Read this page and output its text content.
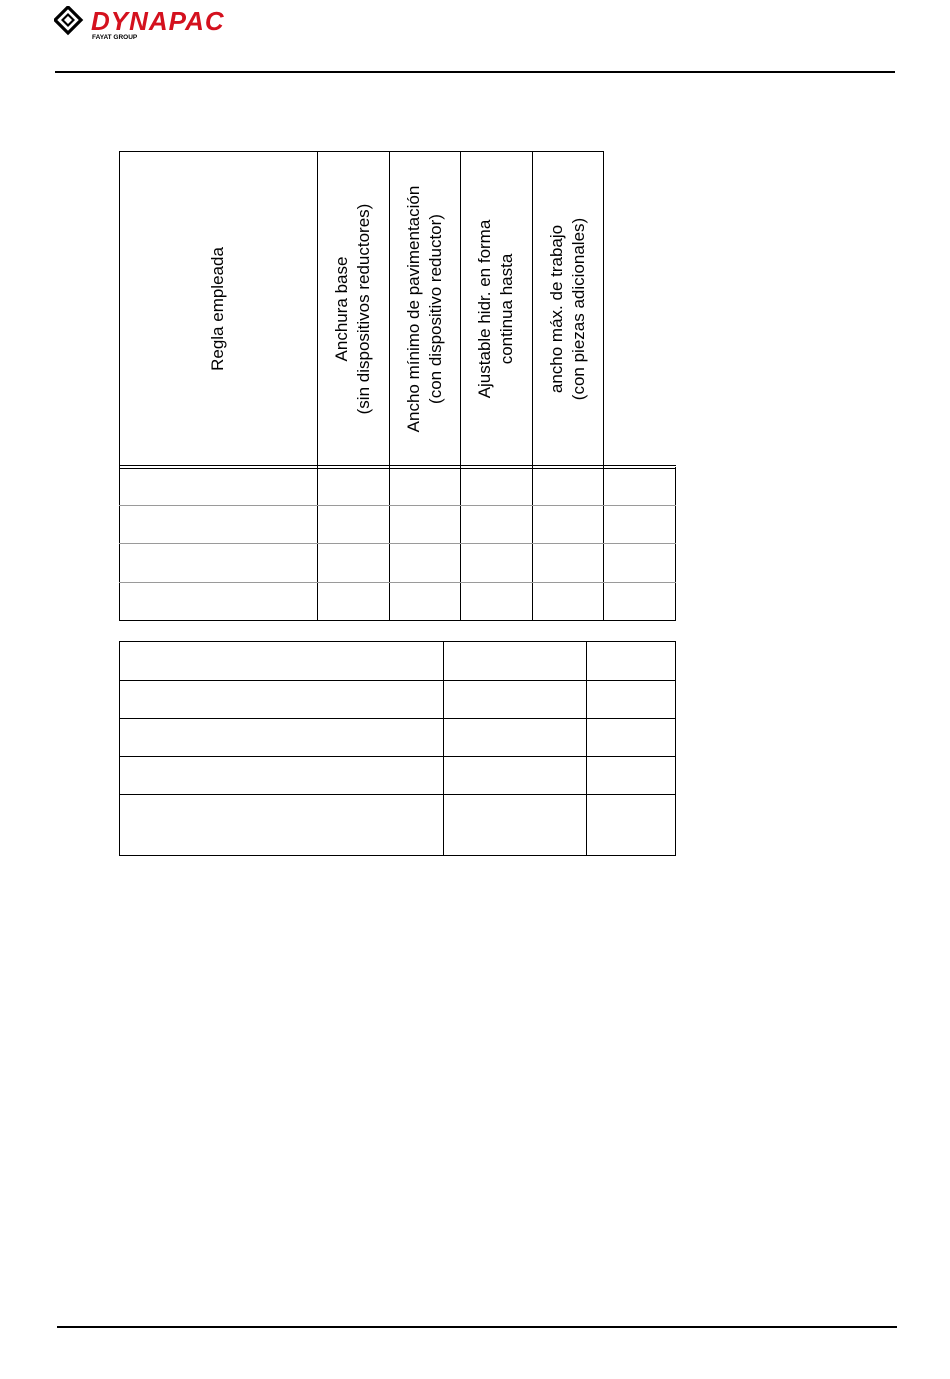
DYNAPAC
FAYAT GROUP
Regla empleada	Anchura base (sin dispositivos reductores) Ancho mínimo de pavimentación (con dispositivo reductor) Ajustable hidr. en forma continua hasta ancho máx. de trabajo (con piezas adicionales)
